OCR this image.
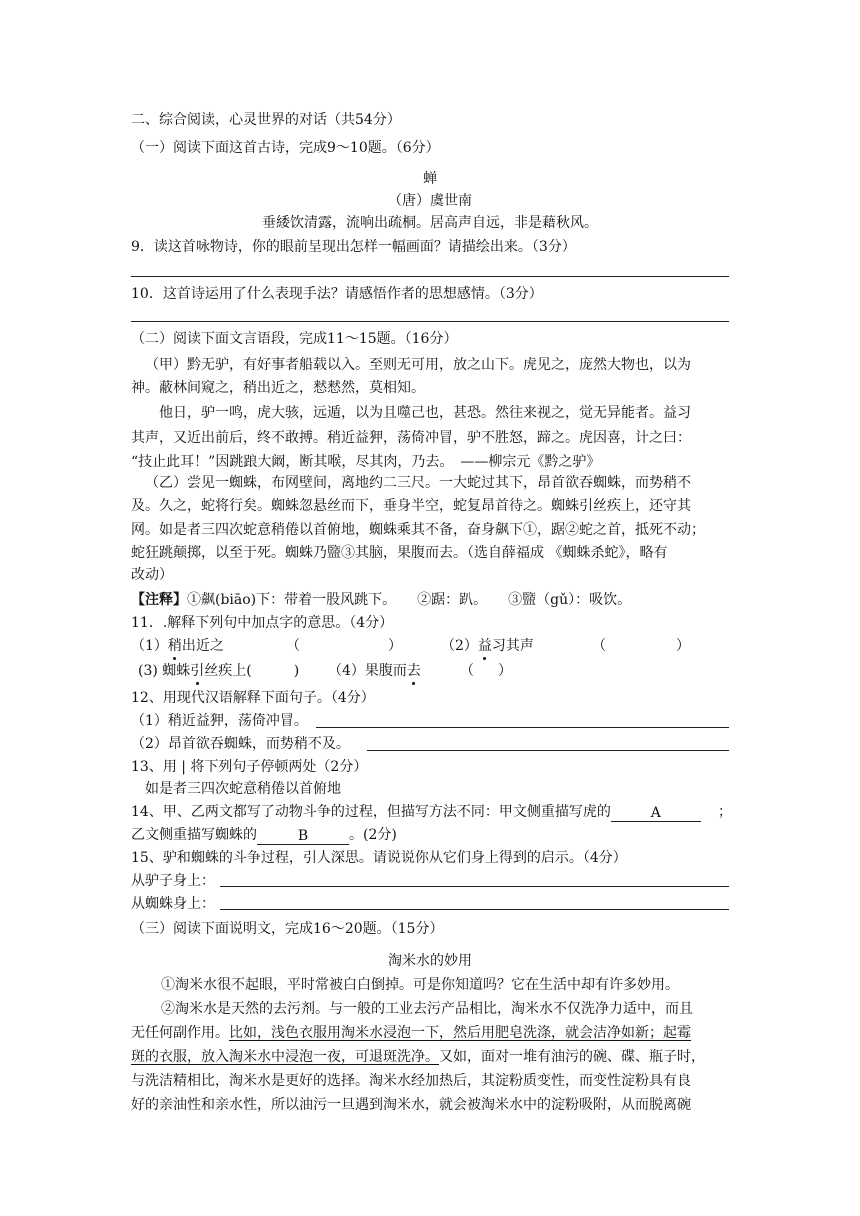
二、综合阅读，心灵世界的对话（共54分）
（一）阅读下面这首古诗，完成9～10题。（6分）
蝉
（唐）虞世南
垂緌饮清露，流响出疏桐。居高声自远，非是藉秋风。
9．读这首咏物诗，你的眼前呈现出怎样一幅画面？请描绘出来。（3分）
10．这首诗运用了什么表现手法？请感悟作者的思想感情。（3分）
（二）阅读下面文言语段，完成11～15题。（16分）
（甲）黔无驴，有好事者船载以入。至则无可用，放之山下。虎见之，庞然大物也，以为
神。蔽林间窥之，稍出近之，慭慭然，莫相知。
他日，驴一鸣，虎大骇，远遁，以为且噬己也，甚恐。然往来视之，觉无异能者。益习
其声，又近出前后，终不敢搏。稍近益狎，荡倚冲冒，驴不胜怒，蹄之。虎因喜，计之曰：
“技止此耳！”因跳踉大阚，断其喉，尽其肉，乃去。　——柳宗元《黔之驴》
（乙）尝见一蜘蛛，布网壁间，离地约二三尺。一大蛇过其下，昂首欲吞蜘蛛，而势稍不
及。久之，蛇将行矣。蜘蛛忽悬丝而下，垂身半空，蛇复昂首待之。蜘蛛引丝疾上，还守其
网。如是者三四次蛇意稍倦以首俯地，蜘蛛乘其不备，奋身飙下①，踞②蛇之首，抵死不动；
蛇狂跳颠掷，以至于死。蜘蛛乃盬③其脑，果腹而去。（选自薛福成 《蜘蛛杀蛇》，略有
改动）
【注释】①飙(biāo)下：带着一股风跳下。　　②踞：趴。　　③盬（gǔ）：吸饮。
11．.解释下列句中加点字的意思。（4分）
（1）稍出近之	（	）	（2）益习其声	（	）
(3) 蜘蛛引丝疾上(	) （4）果腹而去	（ ）
12、用现代汉语解释下面句子。（4分）
（1）稍近益狎，荡倚冲冒。
（2）昂首欲吞蜘蛛，而势稍不及。
13、用 | 将下列句子停顿两处（2分）
如是者三四次蛇意稍倦以首俯地
14、甲、乙两文都写了动物斗争的过程，但描写方法不同：甲文侧重描写虎的	A	；
乙文侧重描写蜘蛛的	B	。(2分)
15、驴和蜘蛛的斗争过程，引人深思。请说说你从它们身上得到的启示。（4分）
从驴子身上：
从蜘蛛身上：
（三）阅读下面说明文，完成16～20题。（15分）
淘米水的妙用
①淘米水很不起眼，平时常被白白倒掉。可是你知道吗？它在生活中却有许多妙用。
②淘米水是天然的去污剂。与一般的工业去污产品相比，淘米水不仅洗净力适中，而且
无任何副作用。比如，浅色衣服用淘米水浸泡一下，然后用肥皂洗涤，就会洁净如新；起霉
斑的衣服，放入淘米水中浸泡一夜，可退斑洗净。又如，面对一堆有油污的碗、碟、瓶子时，
与洗洁精相比，淘米水是更好的选择。淘米水经加热后，其淀粉质变性，而变性淀粉具有良
好的亲油性和亲水性，所以油污一旦遇到淘米水，就会被淘米水中的淀粉吸附，从而脱离碗
